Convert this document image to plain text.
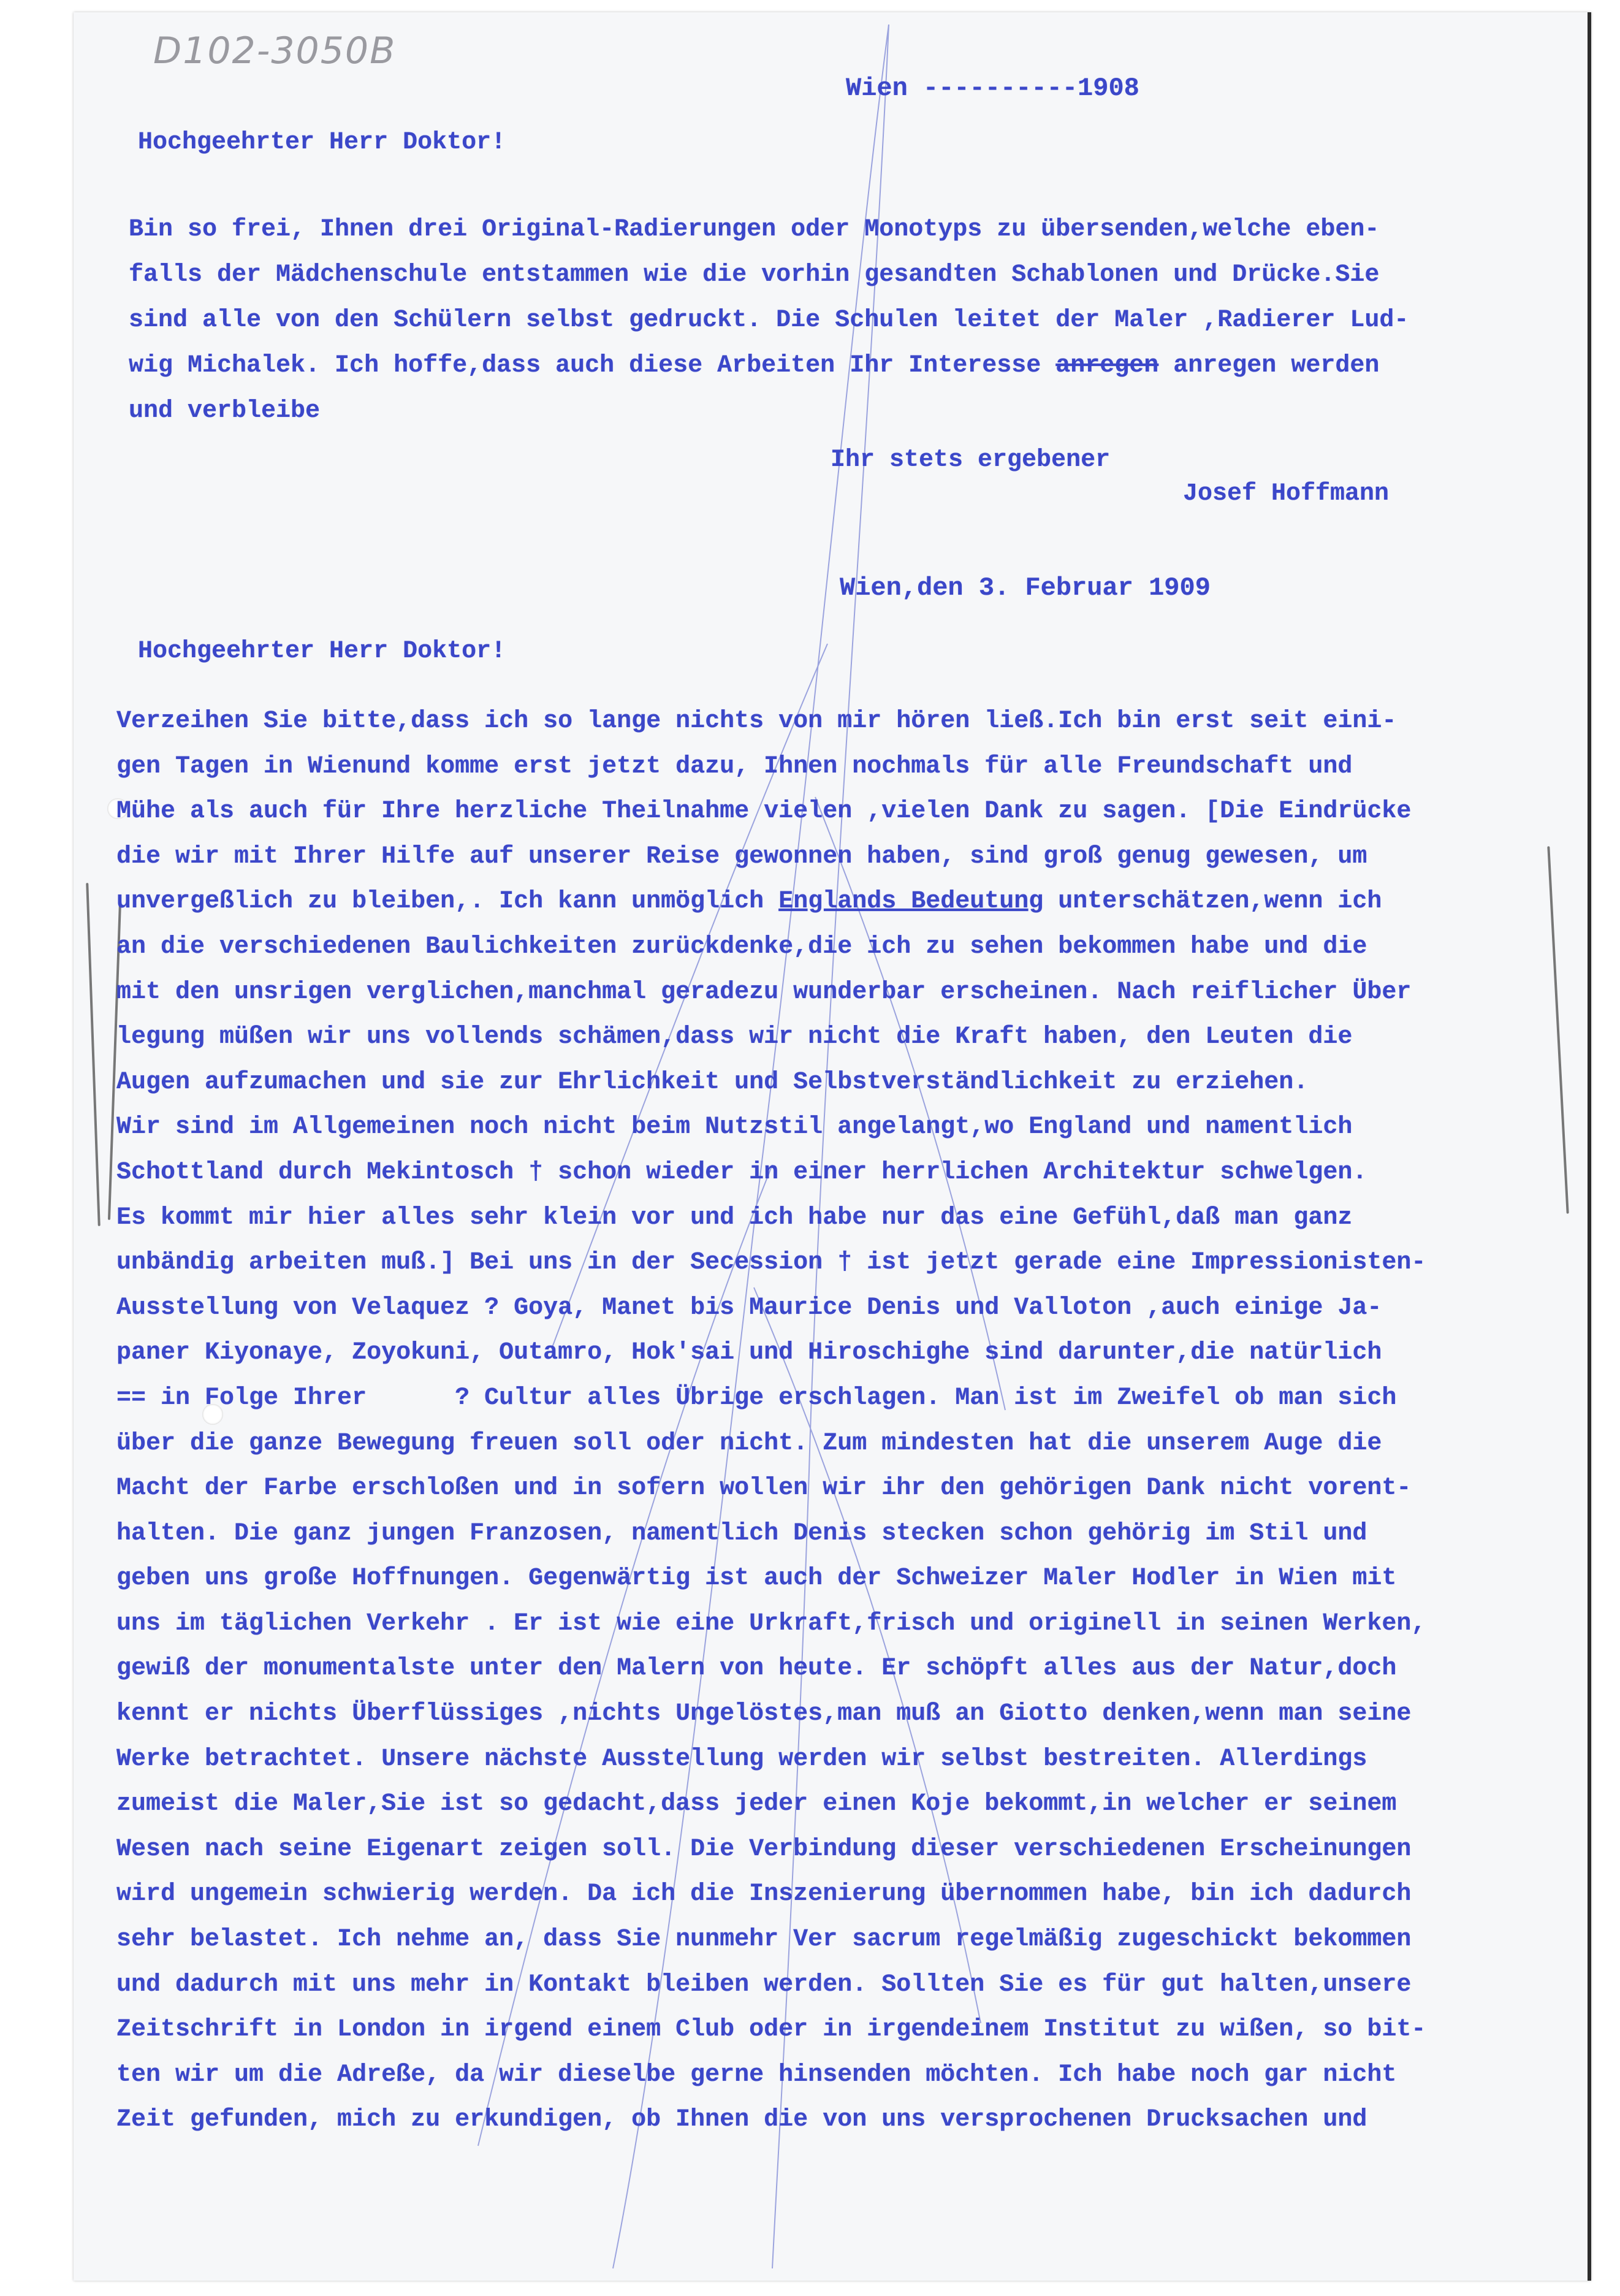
D102-3050B
Wien ----------1908
Hochgeehrter Herr Doktor!
Bin so frei, Ihnen drei Original-Radierungen oder Monotyps zu übersenden,welche eben-
falls der Mädchenschule entstammen wie die vorhin gesandten Schablonen und Drücke.Sie
sind alle von den Schülern selbst gedruckt. Die Schulen leitet der Maler ,Radierer Lud-
wig Michalek. Ich hoffe,dass auch diese Arbeiten Ihr Interesse anregen anregen werden
und verbleibe
Ihr stets ergebener
Josef Hoffmann
Wien,den 3. Februar 1909
Hochgeehrter Herr Doktor!
Verzeihen Sie bitte,dass ich so lange nichts von mir hören ließ.Ich bin erst seit eini-
gen Tagen in Wienund komme erst jetzt dazu, Ihnen nochmals für alle Freundschaft und
Mühe als auch für Ihre herzliche Theilnahme vielen ,vielen Dank zu sagen. [Die Eindrücke
die wir mit Ihrer Hilfe auf unserer Reise gewonnen haben, sind groß genug gewesen, um
unvergeßlich zu bleiben,. Ich kann unmöglich Englands Bedeutung unterschätzen,wenn ich
an die verschiedenen Baulichkeiten zurückdenke,die ich zu sehen bekommen habe und die
mit den unsrigen verglichen,manchmal geradezu wunderbar erscheinen. Nach reiflicher Über
legung müßen wir uns vollends schämen,dass wir nicht die Kraft haben, den Leuten die
Augen aufzumachen und sie zur Ehrlichkeit und Selbstverständlichkeit zu erziehen.
Wir sind im Allgemeinen noch nicht beim Nutzstil angelangt,wo England und namentlich
Schottland durch Mekintosch † schon wieder in einer herrlichen Architektur schwelgen.
Es kommt mir hier alles sehr klein vor und ich habe nur das eine Gefühl,daß man ganz
unbändig arbeiten muß.] Bei uns in der Secession † ist jetzt gerade eine Impressionisten-
Ausstellung von Velaquez ? Goya, Manet bis Maurice Denis und Valloton ,auch einige Ja-
paner Kiyonaye, Zoyokuni, Outamro, Hok'sai und Hiroschighe sind darunter,die natürlich
== in Folge Ihrer      ? Cultur alles Übrige erschlagen. Man ist im Zweifel ob man sich
über die ganze Bewegung freuen soll oder nicht. Zum mindesten hat die unserem Auge die
Macht der Farbe erschloßen und in sofern wollen wir ihr den gehörigen Dank nicht vorent-
halten. Die ganz jungen Franzosen, namentlich Denis stecken schon gehörig im Stil und
geben uns große Hoffnungen. Gegenwärtig ist auch der Schweizer Maler Hodler in Wien mit
uns im täglichen Verkehr . Er ist wie eine Urkraft,frisch und originell in seinen Werken,
gewiß der monumentalste unter den Malern von heute. Er schöpft alles aus der Natur,doch
kennt er nichts Überflüssiges ,nichts Ungelöstes,man muß an Giotto denken,wenn man seine
Werke betrachtet. Unsere nächste Ausstellung werden wir selbst bestreiten. Allerdings
zumeist die Maler,Sie ist so gedacht,dass jeder einen Koje bekommt,in welcher er seinem
Wesen nach seine Eigenart zeigen soll. Die Verbindung dieser verschiedenen Erscheinungen
wird ungemein schwierig werden. Da ich die Inszenierung übernommen habe, bin ich dadurch
sehr belastet. Ich nehme an, dass Sie nunmehr Ver sacrum regelmäßig zugeschickt bekommen
und dadurch mit uns mehr in Kontakt bleiben werden. Sollten Sie es für gut halten,unsere
Zeitschrift in London in irgend einem Club oder in irgendeinem Institut zu wißen, so bit-
ten wir um die Adreße, da wir dieselbe gerne hinsenden möchten. Ich habe noch gar nicht
Zeit gefunden, mich zu erkundigen, ob Ihnen die von uns versprochenen Drucksachen und
